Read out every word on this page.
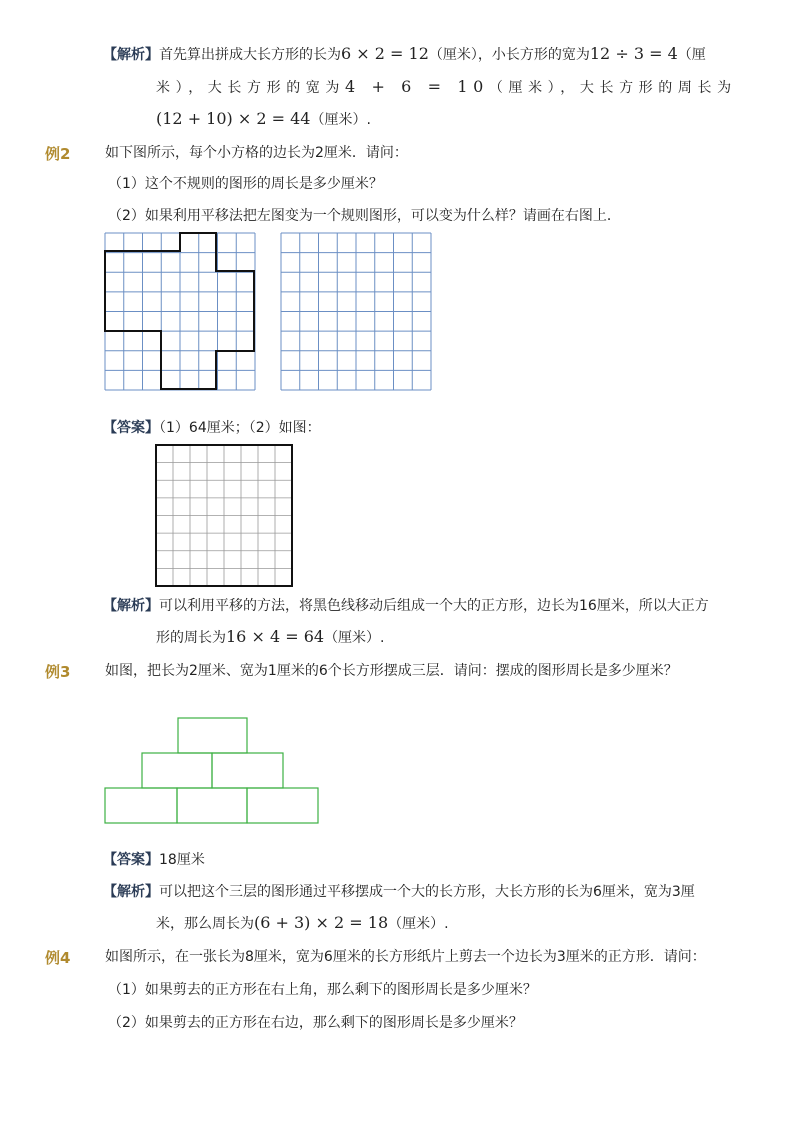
【解析】首先算出拼成大长方形的长为6 × 2 = 12（厘米），小长方形的宽为12 ÷ 3 = 4（厘
米），大长方形的宽为4 + 6 = 10（厘米），大长方形的周长为
(12 + 10) × 2 = 44（厘米）.
例2 如下图所示，每个小方格的边长为2厘米．请问：
（1）这个不规则的图形的周长是多少厘米？
（2）如果利用平移法把左图变为一个规则图形，可以变为什么样？请画在右图上．
【答案】（1）64厘米；（2）如图：
【解析】可以利用平移的方法，将黑色线移动后组成一个大的正方形，边长为16厘米，所以大正方
形的周长为16 × 4 = 64（厘米）.
例3 如图，把长为2厘米、宽为1厘米的6个长方形摆成三层．请问：摆成的图形周长是多少厘米？
【答案】18厘米
【解析】可以把这个三层的图形通过平移摆成一个大的长方形，大长方形的长为6厘米，宽为3厘
米，那么周长为(6 + 3) × 2 = 18（厘米）.
例4 如图所示，在一张长为8厘米，宽为6厘米的长方形纸片上剪去一个边长为3厘米的正方形．请问：
（1）如果剪去的正方形在右上角，那么剩下的图形周长是多少厘米？
（2）如果剪去的正方形在右边，那么剩下的图形周长是多少厘米？
